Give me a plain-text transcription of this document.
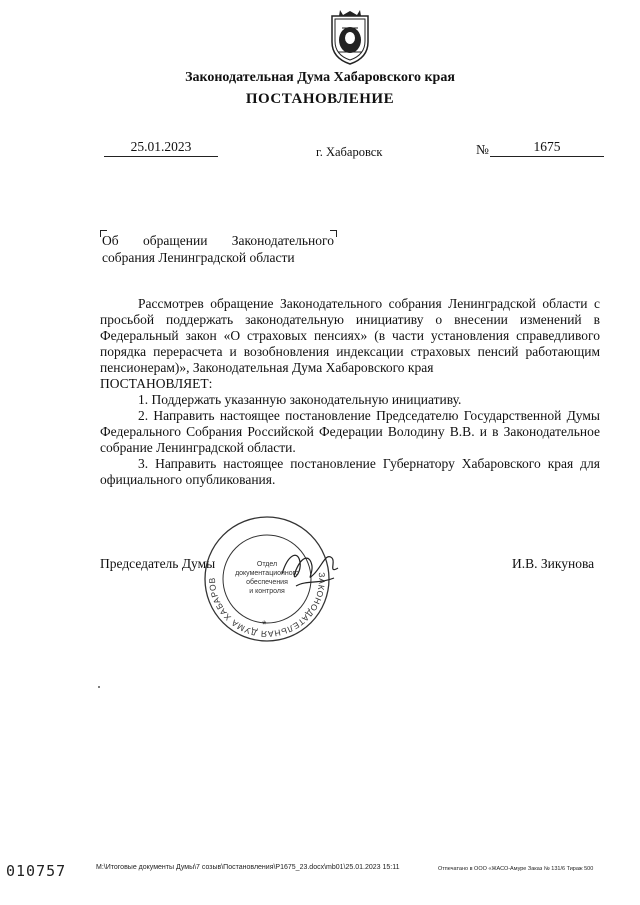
Законодательная Дума Хабаровского края
ПОСТАНОВЛЕНИЕ
25.01.2023	г. Хабаровск	№	1675
Об обращении Законодательного
собрания Ленинградской области

Рассмотрев обращение Законодательного собрания Ленинградской области с просьбой поддержать законодательную инициативу о внесении изменений в Федеральный закон «О страховых пенсиях» (в части установления справедливого порядка перерасчета и возобновления индексации страховых пенсий работающим пенсионерам)», Законодательная Дума Хабаровского края

ПОСТАНОВЛЯЕТ:

1. Поддержать указанную законодательную инициативу.

2. Направить настоящее постановление Председателю Государственной Думы Федерального Собрания Российской Федерации Володину В.В. и в Законодательное собрание Ленинградской области.

3. Направить настоящее постановление Губернатору Хабаровского края для официального опубликования.

Председатель Думы	И.В. Зикунова
ЗАКОНОДАТЕЛЬНАЯ ДУМА ХАБАРОВ
Отдел
документационного
обеспечения
и контроля
*
010757	M:\Итоговые документы Думы\7 созыв\Постановления\P1675_23.docx\mb01\25.01.2023 15:11	Отпечатано в ООО «ЖАСО-Амуре Заказ № 131/6 Тираж 500
